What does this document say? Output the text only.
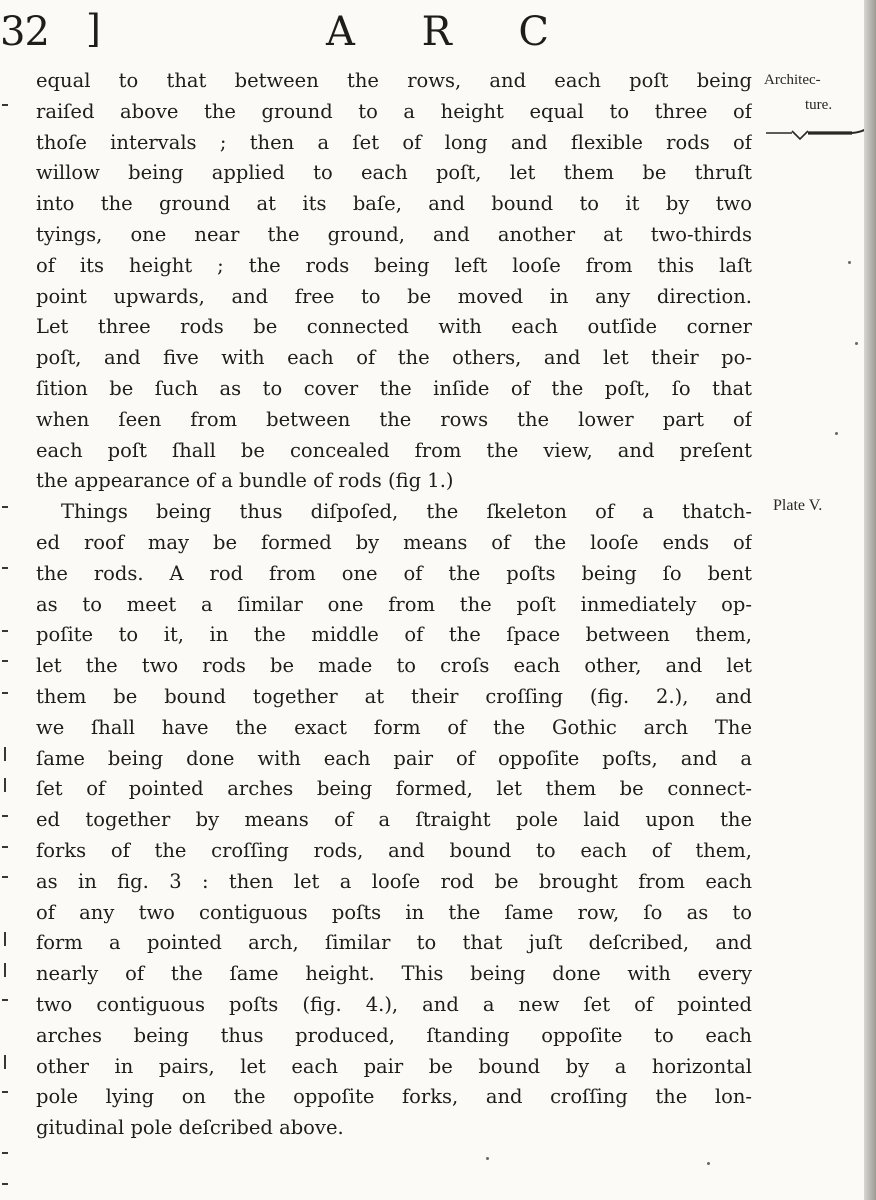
32 ]	A R C
equal to that between the rows, and each poſt being
raiſed above the ground to a height equal to three of
thoſe intervals ; then a ſet of long and flexible rods of
willow being applied to each poſt, let them be thruſt
into the ground at its baſe, and bound to it by two
tyings, one near the ground, and another at two-thirds
of its height ; the rods being left looſe from this laſt
point upwards, and free to be moved in any direction.
Let three rods be connected with each outſide corner
poſt, and five with each of the others, and let their po-
ſition be ſuch as to cover the inſide of the poſt, ſo that
when ſeen from between the rows the lower part of
each poſt ſhall be concealed from the view, and preſent
the appearance of a bundle of rods (fig 1.)
Things being thus diſpoſed, the ſkeleton of a thatch-
ed roof may be formed by means of the looſe ends of
the rods. A rod from one of the poſts being ſo bent
as to meet a ſimilar one from the poſt inmediately op-
poſite to it, in the middle of the ſpace between them,
let the two rods be made to croſs each other, and let
them be bound together at their croſſing (fig. 2.), and
we ſhall have the exact form of the Gothic arch The
ſame being done with each pair of oppoſite poſts, and a
ſet of pointed arches being formed, let them be connect-
ed together by means of a ſtraight pole laid upon the
forks of the croſſing rods, and bound to each of them,
as in fig. 3 : then let a looſe rod be brought from each
of any two contiguous poſts in the ſame row, ſo as to
form a pointed arch, ſimilar to that juſt deſcribed, and
nearly of the ſame height. This being done with every
two contiguous poſts (fig. 4.), and a new ſet of pointed
arches being thus produced, ſtanding oppoſite to each
other in pairs, let each pair be bound by a horizontal
pole lying on the oppoſite forks, and croſſing the lon-
gitudinal pole deſcribed above.
Architec-
ture.
Plate V.
